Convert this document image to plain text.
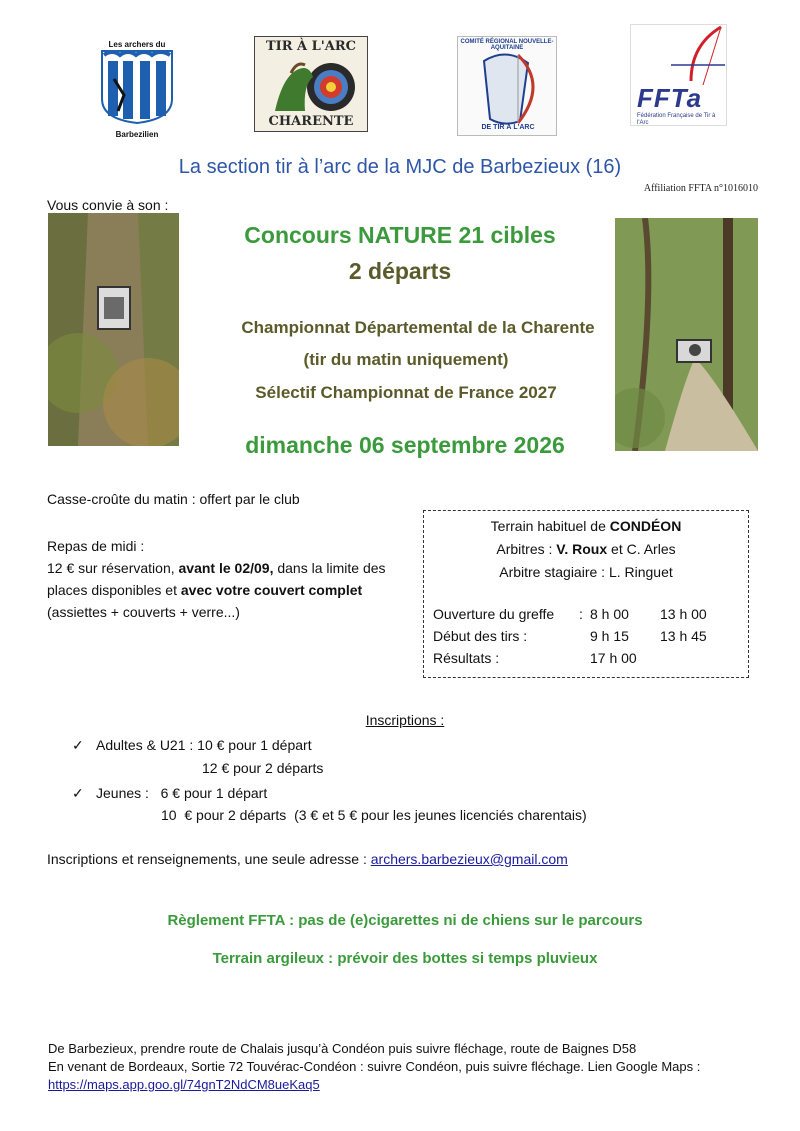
Les archers du
Barbezilien
TIR À L'ARC
CHARENTE
COMITÉ RÉGIONAL NOUVELLE-AQUITAINE
DE TIR À L'ARC
FFTa
Fédération Française de Tir à l'Arc
La section tir à l’arc de la MJC de Barbezieux (16)
Affiliation FFTA n°1016010
Vous convie à son :
Concours NATURE 21 cibles
2 départs
Championnat Départemental de la Charente
(tir du matin uniquement)
Sélectif Championnat de France 2027
dimanche 06 septembre 2026
Casse-croûte du matin : offert par le club
Repas de midi :
12 € sur réservation, avant le 02/09, dans la limite des places disponibles et avec votre couvert complet
(assiettes + couverts + verre...)
Terrain habituel de CONDÉON
Arbitres : V. Roux et C. Arles
Arbitre stagiaire : L. Ringuet
Ouverture du greffe : 8 h 00 13 h 00
Début des tirs :	9 h 15 13 h 45
Résultats :	17 h 00
Inscriptions :
✓ Adultes & U21 : 10 € pour 1 départ
12 € pour 2 départs
✓ Jeunes :   6 € pour 1 départ
10  € pour 2 départs  (3 € et 5 € pour les jeunes licenciés charentais)
Inscriptions et renseignements, une seule adresse : archers.barbezieux@gmail.com
Règlement FFTA : pas de (e)cigarettes ni de chiens sur le parcours
Terrain argileux : prévoir des bottes si temps pluvieux
De Barbezieux, prendre route de Chalais jusqu’à Condéon puis suivre fléchage, route de Baignes D58
En venant de Bordeaux, Sortie 72 Touvérac-Condéon : suivre Condéon, puis suivre fléchage. Lien Google Maps :
https://maps.app.goo.gl/74gnT2NdCM8ueKaq5
